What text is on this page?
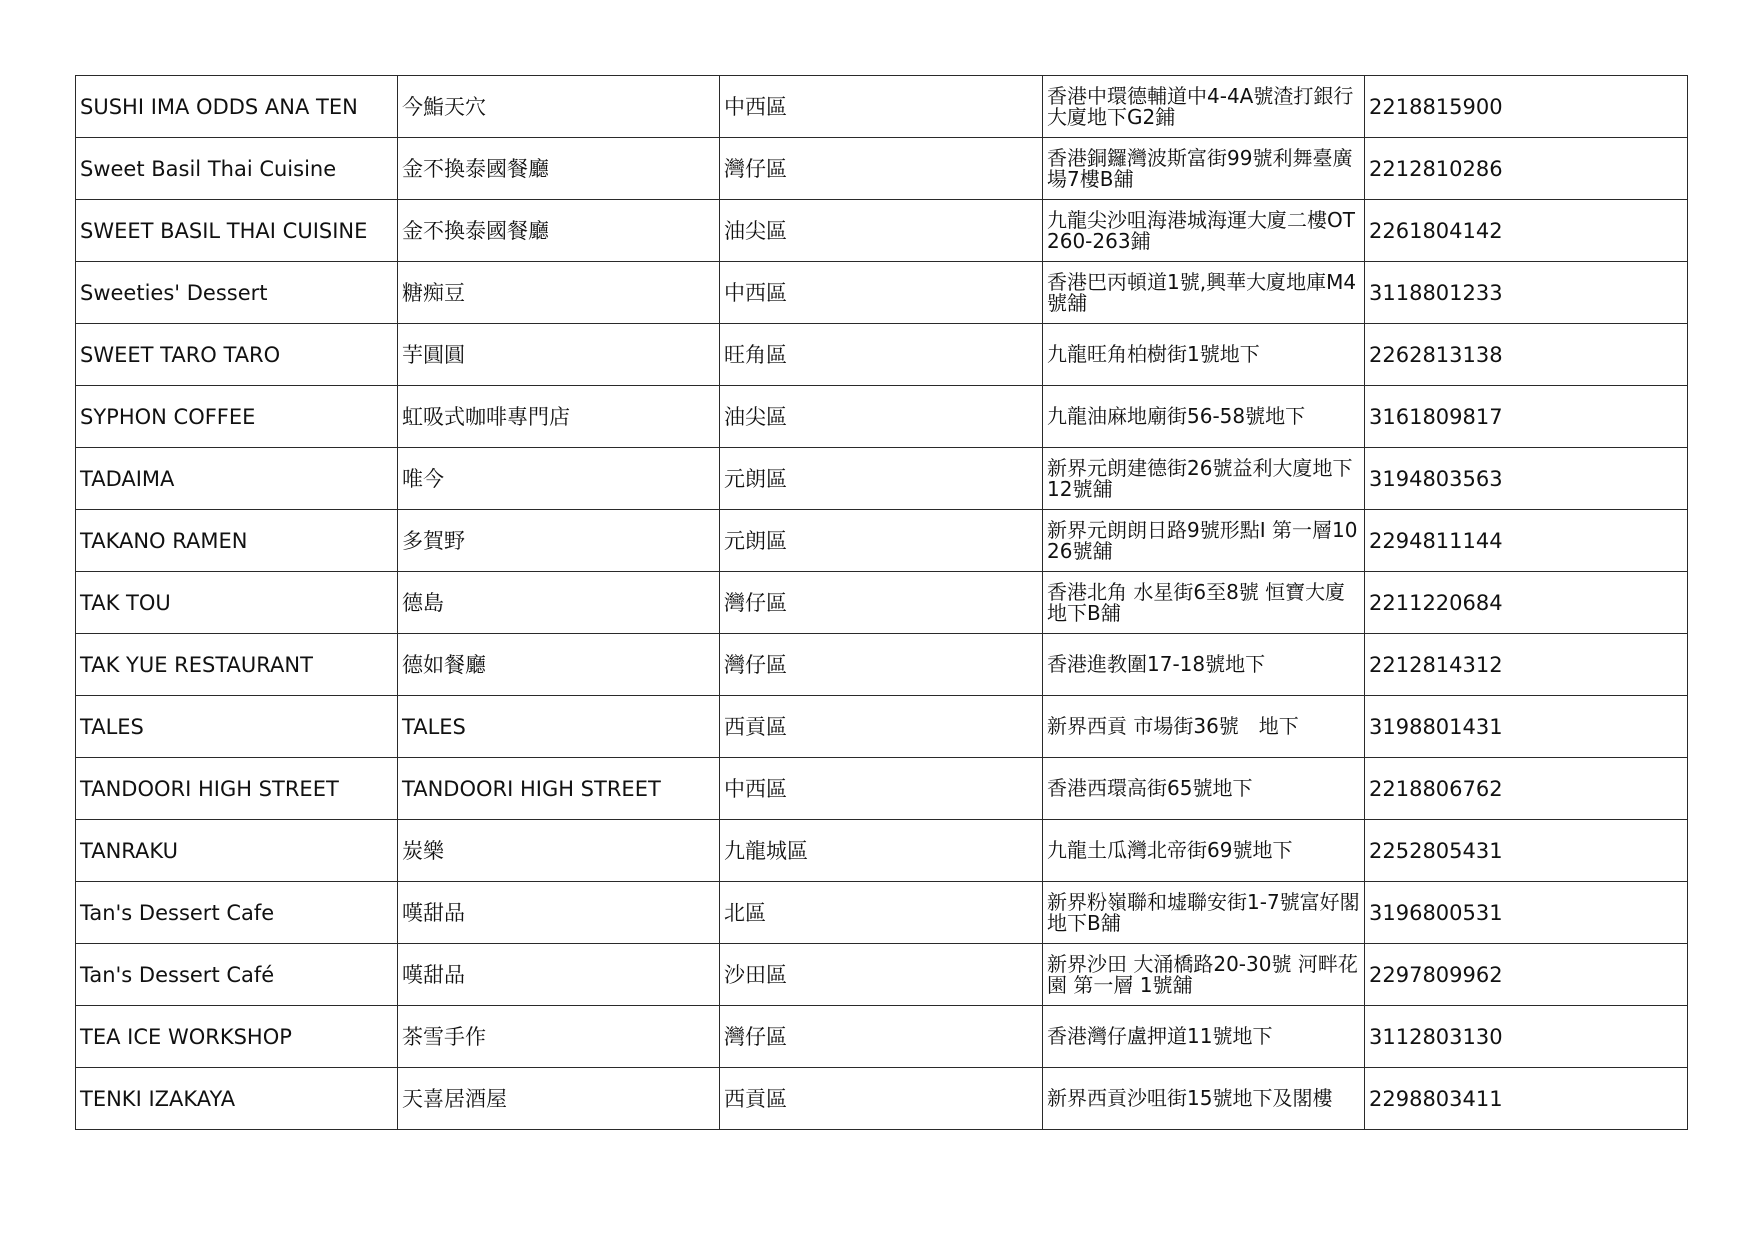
SUSHI IMA ODDS ANA TEN	今鮨天穴	中西區	香港中環德輔道中4-4A號渣打銀行大廈地下G2鋪	2218815900
Sweet Basil Thai Cuisine	金不換泰國餐廳	灣仔區	香港銅鑼灣波斯富街99號利舞臺廣場7樓B舖	2212810286
SWEET BASIL THAI CUISINE	金不換泰國餐廳	油尖區	九龍尖沙咀海港城海運大廈二樓OT 260-263鋪	2261804142
Sweeties' Dessert	糖痴豆	中西區	香港巴丙頓道1號,興華大廈地庫M4號舖	3118801233
SWEET TARO TARO	芋圓圓	旺角區	九龍旺角柏樹街1號地下	2262813138
SYPHON COFFEE	虹吸式咖啡專門店	油尖區	九龍油麻地廟街56-58號地下	3161809817
TADAIMA	唯今	元朗區	新界元朗建德街26號益利大廈地下12號舖	3194803563
TAKANO RAMEN	多賀野	元朗區	新界元朗朗日路9號形點I 第一層1026號舖	2294811144
TAK TOU	德島	灣仔區	香港北角 水星街6至8號 恒寶大廈地下B舖	2211220684
TAK YUE RESTAURANT	德如餐廳	灣仔區	香港進教圍17-18號地下	2212814312
TALES	TALES	西貢區	新界西貢 市場街36號　地下	3198801431
TANDOORI HIGH STREET	TANDOORI HIGH STREET	中西區	香港西環高街65號地下	2218806762
TANRAKU	炭樂	九龍城區	九龍土瓜灣北帝街69號地下	2252805431
Tan's Dessert Cafe	嘆甜品	北區	新界粉嶺聯和墟聯安街1-7號富好閣地下B舖	3196800531
Tan's Dessert Café	嘆甜品	沙田區	新界沙田 大涌橋路20-30號 河畔花園 第一層 1號舖	2297809962
TEA ICE WORKSHOP	茶雪手作	灣仔區	香港灣仔盧押道11號地下	3112803130
TENKI IZAKAYA	天喜居酒屋	西貢區	新界西貢沙咀街15號地下及閣樓	2298803411
